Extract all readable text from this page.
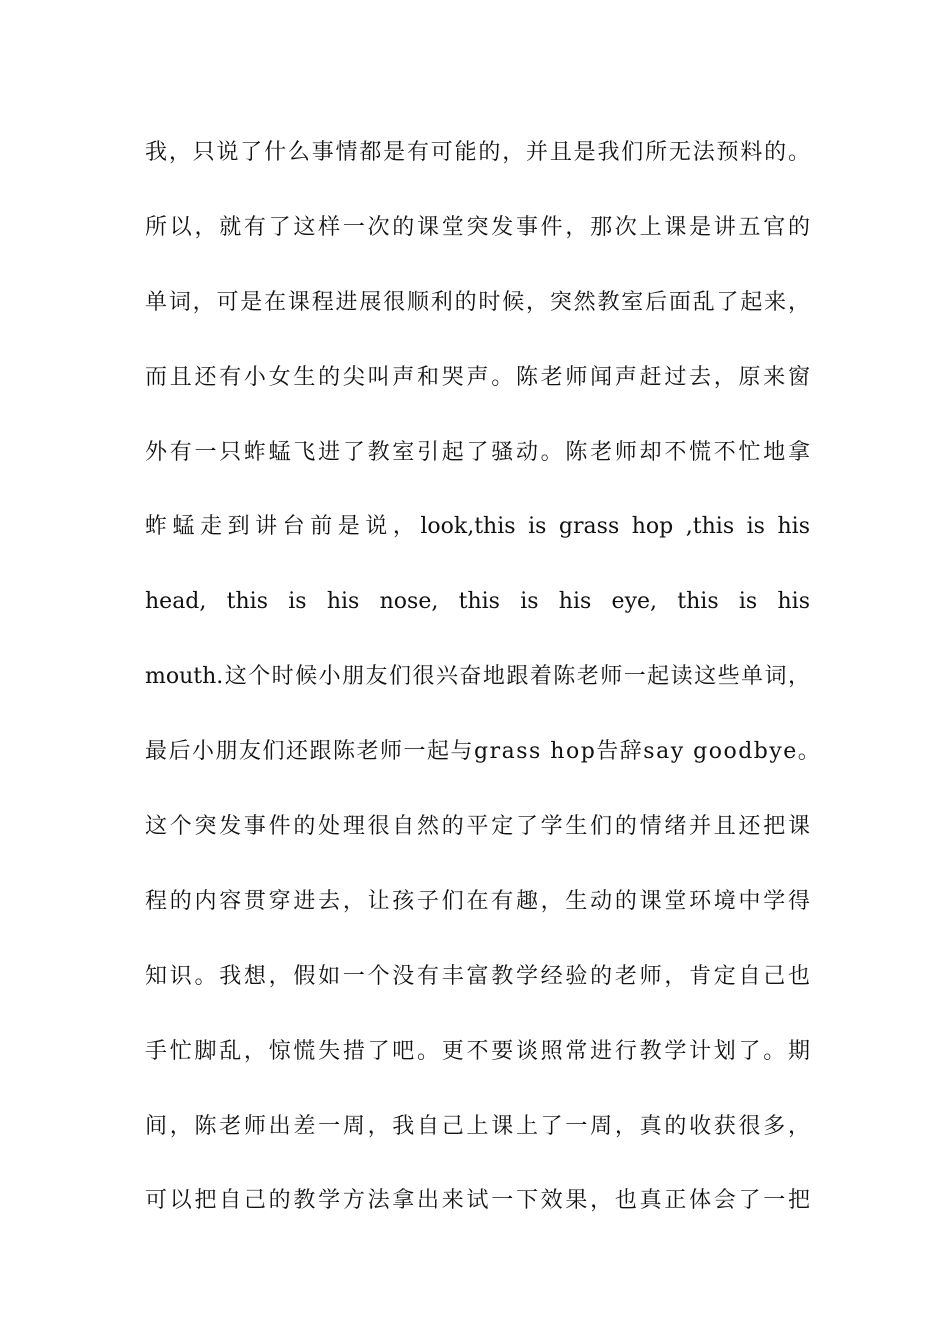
我，只说了什么事情都是有可能的，并且是我们所无法预料的。
所以，就有了这样一次的课堂突发事件，那次上课是讲五官的
单词，可是在课程进展很顺利的时候，突然教室后面乱了起来，
而且还有小女生的尖叫声和哭声。陈老师闻声赶过去，原来窗
外有一只蚱蜢飞进了教室引起了骚动。陈老师却不慌不忙地拿
蚱蜢走到讲台前是说，look,this is grass hop ,this is his
head, this is his nose, this is his eye, this is his
mouth.这个时候小朋友们很兴奋地跟着陈老师一起读这些单词，
最后小朋友们还跟陈老师一起与grass hop告辞say goodbye。
这个突发事件的处理很自然的平定了学生们的情绪并且还把课
程的内容贯穿进去，让孩子们在有趣，生动的课堂环境中学得
知识。我想，假如一个没有丰富教学经验的老师，肯定自己也
手忙脚乱，惊慌失措了吧。更不要谈照常进行教学计划了。期
间，陈老师出差一周，我自己上课上了一周，真的收获很多，
可以把自己的教学方法拿出来试一下效果，也真正体会了一把
